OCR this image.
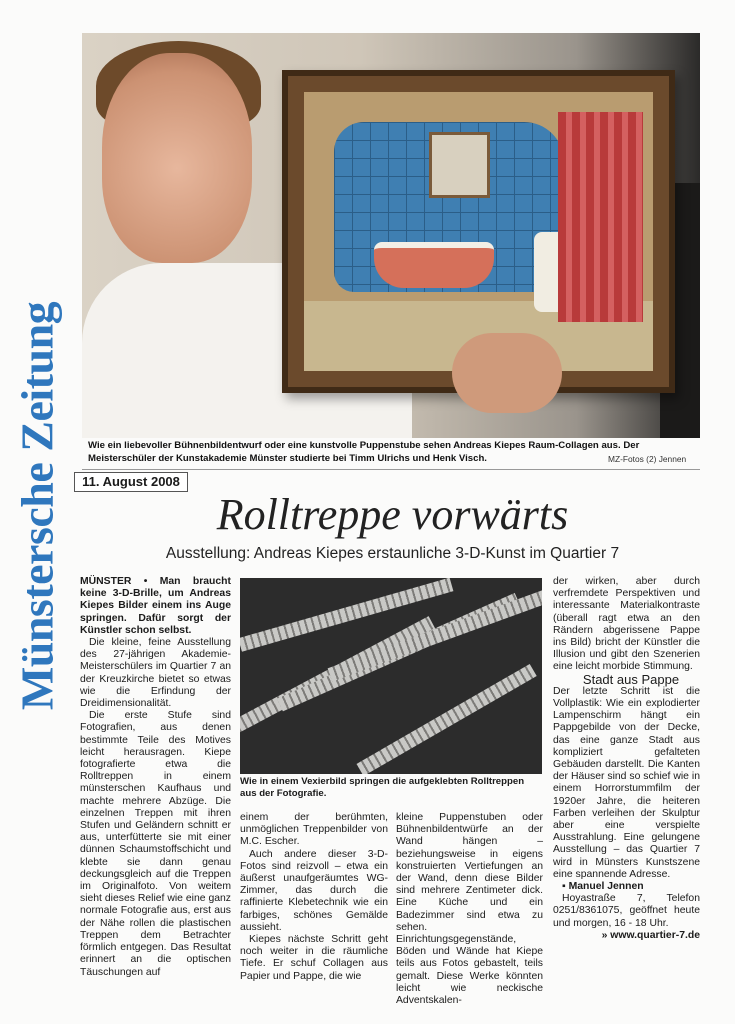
Wie ein liebevoller Bühnenbildentwurf oder eine kunstvolle Puppenstube sehen Andreas Kiepes Raum-Collagen aus. Der Meisterschüler der Kunstakademie Münster studierte bei Timm Ulrichs und Henk Visch.	MZ-Fotos (2) Jennen
Münstersche Zeitung	11. August 2008
Rolltreppe vorwärts
Ausstellung: Andreas Kiepes erstaunliche 3-D-Kunst im Quartier 7

MÜNSTER • Man braucht keine 3-D-Brille, um Andreas Kiepes Bilder einem ins Auge springen. Dafür sorgt der Künstler schon selbst.

Die kleine, feine Ausstellung des 27-jährigen Akademie-Meisterschülers im Quartier 7 an der Kreuzkirche bietet so etwas wie die Erfindung der Dreidimensionalität.

Die erste Stufe sind Fotografien, aus denen bestimmte Teile des Motives leicht herausragen. Kiepe fotografierte etwa die Rolltreppen in einem münsterschen Kaufhaus und machte mehrere Abzüge. Die einzelnen Treppen mit ihren Stufen und Geländern schnitt er aus, unterfütterte sie mit einer dünnen Schaumstoffschicht und klebte sie dann genau deckungsgleich auf die Treppen im Originalfoto. Von weitem sieht dieses Relief wie eine ganz normale Fotografie aus, erst aus der Nähe rollen die plastischen Treppen dem Betrachter förmlich entgegen. Das Resultat erinnert an die optischen Täuschungen auf

Wie in einem Vexierbild springen die aufgeklebten Rolltreppen aus der Fotografie.

einem der berühmten, unmöglichen Treppenbilder von M.C. Escher.

Auch andere dieser 3-D-Fotos sind reizvoll – etwa ein äußerst unaufgeräumtes WG-Zimmer, das durch die raffinierte Klebetechnik wie ein farbiges, schönes Gemälde aussieht.

Kiepes nächste Schritt geht noch weiter in die räumliche Tiefe. Er schuf Collagen aus Papier und Pappe, die wie

kleine Puppenstuben oder Bühnenbildentwürfe an der Wand hängen – beziehungsweise in eigens konstruierten Vertiefungen an der Wand, denn diese Bilder sind mehrere Zentimeter dick. Eine Küche und ein Badezimmer sind etwa zu sehen. Einrichtungsgegenstände, Böden und Wände hat Kiepe teils aus Fotos gebastelt, teils gemalt. Diese Werke könnten leicht wie neckische Adventskalen-

der wirken, aber durch verfremdete Perspektiven und interessante Materialkontraste (überall ragt etwa an den Rändern abgerissene Pappe ins Bild) bricht der Künstler die Illusion und gibt den Szenerien eine leicht morbide Stimmung.

Stadt aus Pappe

Der letzte Schritt ist die Vollplastik: Wie ein explodierter Lampenschirm hängt ein Pappgebilde von der Decke, das eine ganze Stadt aus kompliziert gefalteten Gebäuden darstellt. Die Kanten der Häuser sind so schief wie in einem Horrorstummfilm der 1920er Jahre, die heiteren Farben verleihen der Skulptur aber eine verspielte Ausstrahlung. Eine gelungene Ausstellung – das Quartier 7 wird in Münsters Kunstszene eine spannende Adresse.

▪ Manuel Jennen

Hoyastraße 7, Telefon 0251/8361075, geöffnet heute und morgen, 16 - 18 Uhr.

» www.quartier-7.de
